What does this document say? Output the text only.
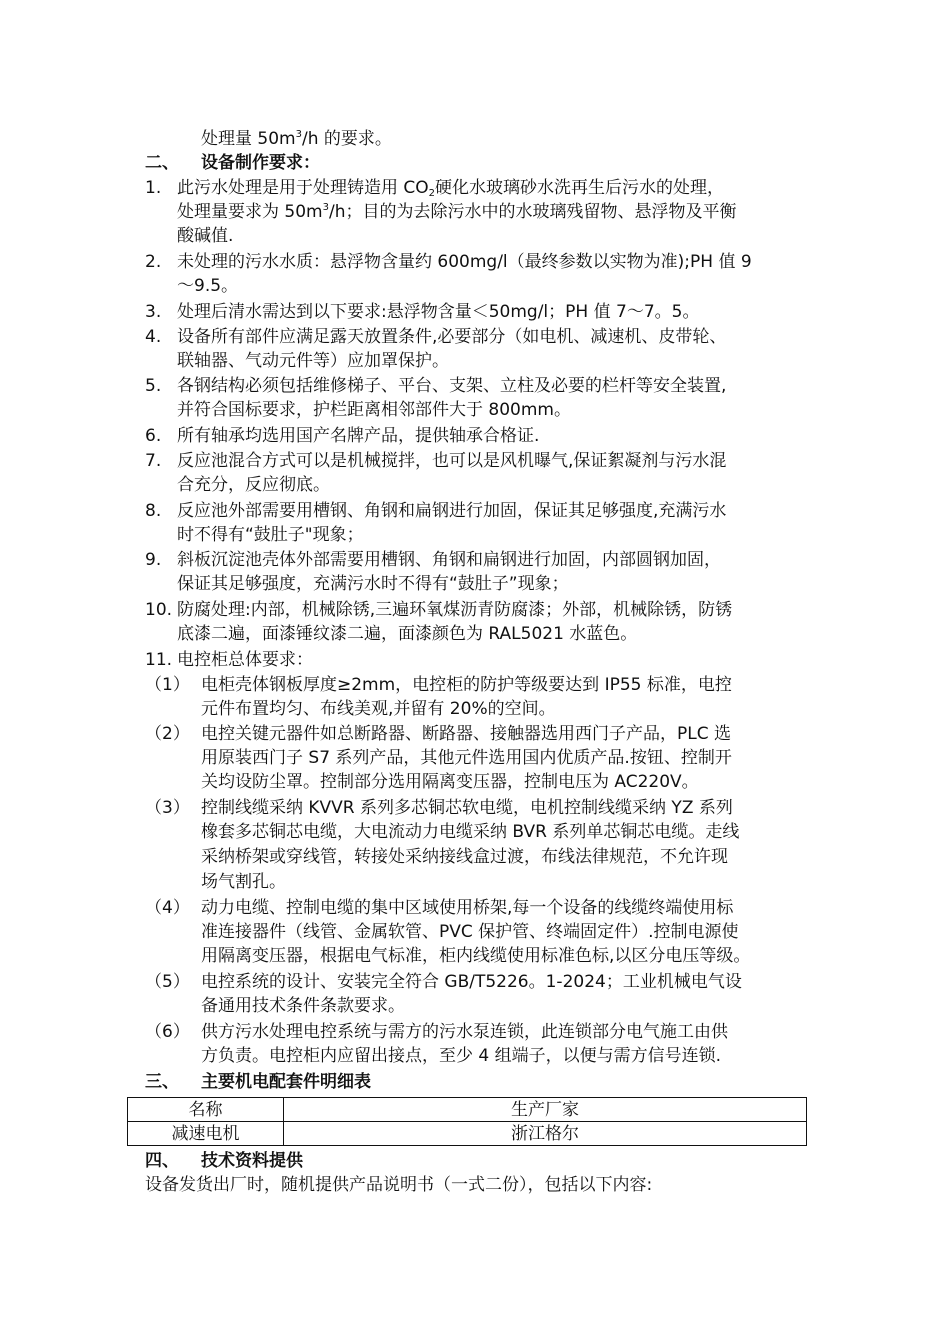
处理量 $50m^3/h$ 的要求。
二、 设备制作要求：
1. 此污水处理是用于处理铸造用 $CO_2$硬化水玻璃砂水洗再生后污水的处理，
处理量要求为 $50m^3/h$；目的为去除污水中的水玻璃残留物、悬浮物及平衡
酸碱值.
2. 未处理的污水水质：悬浮物含量约 600mg/l（最终参数以实物为准);PH 值 9
～9.5。
3. 处理后清水需达到以下要求:悬浮物含量＜50mg/l；PH 值 7～7。5。
4. 设备所有部件应满足露天放置条件,必要部分（如电机、减速机、皮带轮、
联轴器、气动元件等）应加罩保护。
5. 各钢结构必须包括维修梯子、平台、支架、立柱及必要的栏杆等安全装置,
并符合国标要求，护栏距离相邻部件大于 800mm。
6. 所有轴承均选用国产名牌产品，提供轴承合格证.
7. 反应池混合方式可以是机械搅拌，也可以是风机曝气,保证絮凝剂与污水混
合充分，反应彻底。
8. 反应池外部需要用槽钢、角钢和扁钢进行加固，保证其足够强度,充满污水
时不得有“鼓肚子"现象；
9. 斜板沉淀池壳体外部需要用槽钢、角钢和扁钢进行加固，内部圆钢加固，
保证其足够强度，充满污水时不得有“鼓肚子”现象；
10. 防腐处理:内部，机械除锈,三遍环氧煤沥青防腐漆；外部，机械除锈，防锈
底漆二遍，面漆锤纹漆二遍，面漆颜色为 RAL5021 水蓝色。
11. 电控柜总体要求：
（1） 电柜壳体钢板厚度≥2mm，电控柜的防护等级要达到 IP55 标准，电控
元件布置均匀、布线美观,并留有 20%的空间。
（2） 电控关键元器件如总断路器、断路器、接触器选用西门子产品，PLC 选
用原装西门子 S7 系列产品，其他元件选用国内优质产品.按钮、控制开
关均设防尘罩。控制部分选用隔离变压器，控制电压为 AC220V。
（3） 控制线缆采纳 KVVR 系列多芯铜芯软电缆，电机控制线缆采纳 YZ 系列
橡套多芯铜芯电缆，大电流动力电缆采纳 BVR 系列单芯铜芯电缆。走线
采纳桥架或穿线管，转接处采纳接线盒过渡，布线法律规范，不允许现
场气割孔。
（4） 动力电缆、控制电缆的集中区域使用桥架,每一个设备的线缆终端使用标
准连接器件（线管、金属软管、PVC 保护管、终端固定件）.控制电源使
用隔离变压器，根据电气标准，柜内线缆使用标准色标,以区分电压等级。
（5） 电控系统的设计、安装完全符合 GB/T5226。1-2024；工业机械电气设
备通用技术条件条款要求。
（6） 供方污水处理电控系统与需方的污水泵连锁，此连锁部分电气施工由供
方负责。电控柜内应留出接点，至少 4 组端子，以便与需方信号连锁.
三、 主要机电配套件明细表
名称	生产厂家
减速电机	浙江格尔
四、 技术资料提供
设备发货出厂时，随机提供产品说明书（一式二份），包括以下内容:
